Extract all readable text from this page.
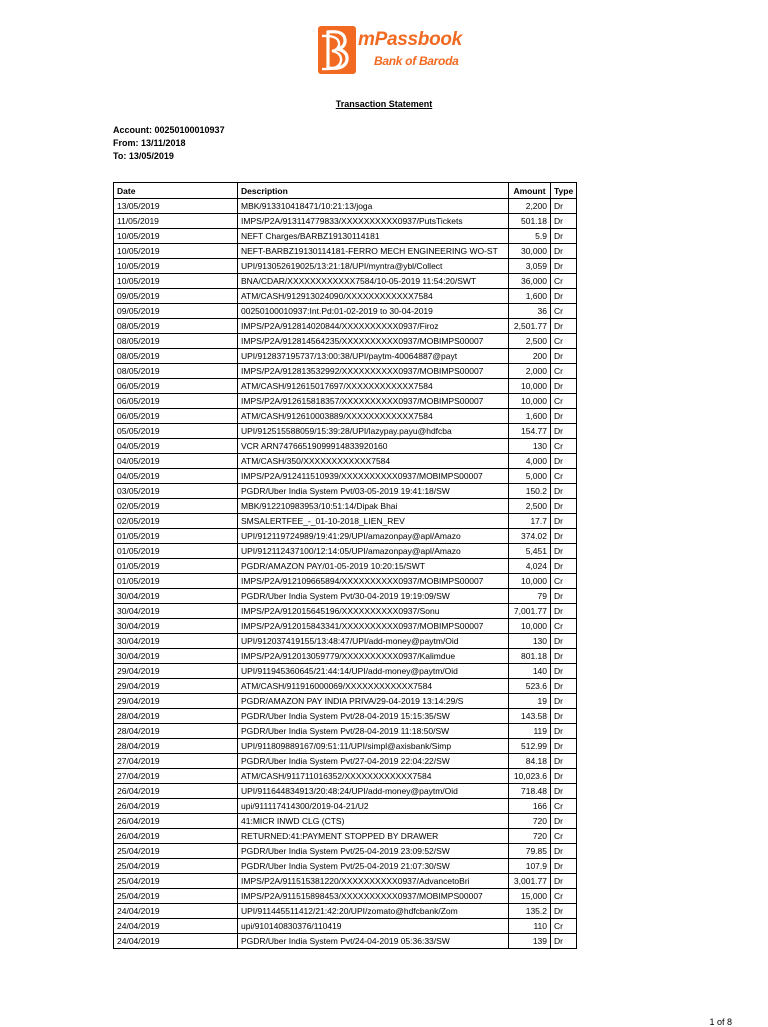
mPassbook
Bank of Baroda
Transaction Statement
Account: 00250100010937
From: 13/11/2018
To: 13/05/2019
Date	Description	Amount	Type
13/05/2019	MBK/913310418471/10:21:13/joga	2,200	Dr
11/05/2019	IMPS/P2A/913114779833/XXXXXXXXXX0937/PutsTickets	501.18	Dr
10/05/2019	NEFT Charges/BARBZ19130114181	5.9	Dr
10/05/2019	NEFT-BARBZ19130114181-FERRO MECH ENGINEERING WO-ST	30,000	Dr
10/05/2019	UPI/913052619025/13:21:18/UPI/myntra@ybl/Collect	3,059	Dr
10/05/2019	BNA/CDAR/XXXXXXXXXXXX7584/10-05-2019 11:54:20/SWT	36,000	Cr
09/05/2019	ATM/CASH/912913024090/XXXXXXXXXXXX7584	1,600	Dr
09/05/2019	00250100010937:Int.Pd:01-02-2019 to 30-04-2019	36	Cr
08/05/2019	IMPS/P2A/912814020844/XXXXXXXXXX0937/Firoz	2,501.77	Dr
08/05/2019	IMPS/P2A/912814564235/XXXXXXXXXX0937/MOBIMPS00007	2,500	Cr
08/05/2019	UPI/912837195737/13:00:38/UPI/paytm-40064887@payt	200	Dr
08/05/2019	IMPS/P2A/912813532992/XXXXXXXXXX0937/MOBIMPS00007	2,000	Cr
06/05/2019	ATM/CASH/912615017697/XXXXXXXXXXXX7584	10,000	Dr
06/05/2019	IMPS/P2A/912615818357/XXXXXXXXXX0937/MOBIMPS00007	10,000	Cr
06/05/2019	ATM/CASH/912610003889/XXXXXXXXXXXX7584	1,600	Dr
05/05/2019	UPI/912515588059/15:39:28/UPI/lazypay.payu@hdfcba	154.77	Dr
04/05/2019	VCR ARN74766519099914833920160	130	Cr
04/05/2019	ATM/CASH/350/XXXXXXXXXXXX7584	4,000	Dr
04/05/2019	IMPS/P2A/912411510939/XXXXXXXXXX0937/MOBIMPS00007	5,000	Cr
03/05/2019	PGDR/Uber India System Pvt/03-05-2019 19:41:18/SW	150.2	Dr
02/05/2019	MBK/912210983953/10:51:14/Dipak Bhai	2,500	Dr
02/05/2019	SMSALERTFEE_-_01-10-2018_LIEN_REV	17.7	Dr
01/05/2019	UPI/912119724989/19:41:29/UPI/amazonpay@apl/Amazo	374.02	Dr
01/05/2019	UPI/912112437100/12:14:05/UPI/amazonpay@apl/Amazo	5,451	Dr
01/05/2019	PGDR/AMAZON PAY/01-05-2019 10:20:15/SWT	4,024	Dr
01/05/2019	IMPS/P2A/912109665894/XXXXXXXXXX0937/MOBIMPS00007	10,000	Cr
30/04/2019	PGDR/Uber India System Pvt/30-04-2019 19:19:09/SW	79	Dr
30/04/2019	IMPS/P2A/912015645196/XXXXXXXXXX0937/Sonu	7,001.77	Dr
30/04/2019	IMPS/P2A/912015843341/XXXXXXXXXX0937/MOBIMPS00007	10,000	Cr
30/04/2019	UPI/912037419155/13:48:47/UPI/add-money@paytm/Oid	130	Dr
30/04/2019	IMPS/P2A/912013059779/XXXXXXXXXX0937/Kalimdue	801.18	Dr
29/04/2019	UPI/911945360645/21:44:14/UPI/add-money@paytm/Oid	140	Dr
29/04/2019	ATM/CASH/911916000069/XXXXXXXXXXXX7584	523.6	Dr
29/04/2019	PGDR/AMAZON PAY INDIA PRIVA/29-04-2019 13:14:29/S	19	Dr
28/04/2019	PGDR/Uber India System Pvt/28-04-2019 15:15:35/SW	143.58	Dr
28/04/2019	PGDR/Uber India System Pvt/28-04-2019 11:18:50/SW	119	Dr
28/04/2019	UPI/911809889167/09:51:11/UPI/simpl@axisbank/Simp	512.99	Dr
27/04/2019	PGDR/Uber India System Pvt/27-04-2019 22:04:22/SW	84.18	Dr
27/04/2019	ATM/CASH/911711016352/XXXXXXXXXXXX7584	10,023.6	Dr
26/04/2019	UPI/911644834913/20:48:24/UPI/add-money@paytm/Oid	718.48	Dr
26/04/2019	upi/911117414300/2019-04-21/U2	166	Cr
26/04/2019	41:MICR INWD CLG (CTS)	720	Dr
26/04/2019	RETURNED:41:PAYMENT STOPPED BY DRAWER	720	Cr
25/04/2019	PGDR/Uber India System Pvt/25-04-2019 23:09:52/SW	79.85	Dr
25/04/2019	PGDR/Uber India System Pvt/25-04-2019 21:07:30/SW	107.9	Dr
25/04/2019	IMPS/P2A/911515381220/XXXXXXXXXX0937/AdvancetoBri	3,001.77	Dr
25/04/2019	IMPS/P2A/911515898453/XXXXXXXXXX0937/MOBIMPS00007	15,000	Cr
24/04/2019	UPI/911445511412/21:42:20/UPI/zomato@hdfcbank/Zom	135.2	Dr
24/04/2019	upi/910140830376/110419	110	Cr
24/04/2019	PGDR/Uber India System Pvt/24-04-2019 05:36:33/SW	139	Dr
1 of 8
